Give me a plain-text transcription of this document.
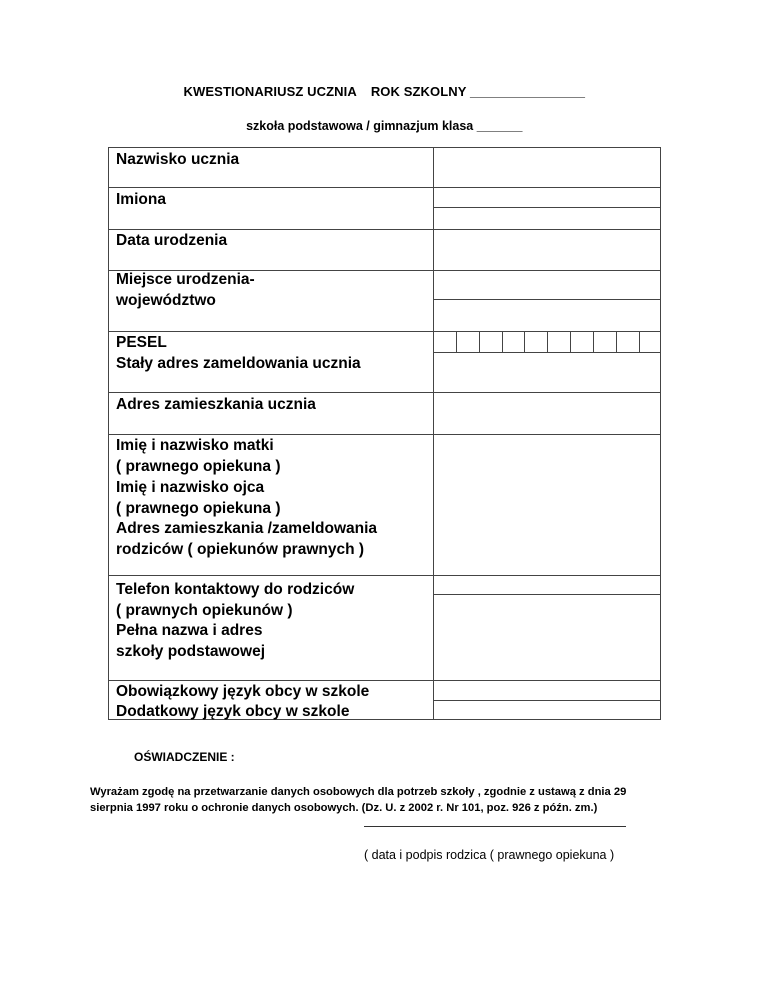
KWESTIONARIUSZ UCZNIA ROK SZKOLNY _________________
szkoła podstawowa / gimnazjum klasa _______
Nazwisko ucznia
Imiona
Data urodzenia
Miejsce urodzenia-
województwo
PESEL
Stały adres zameldowania ucznia
Adres zamieszkania ucznia
Imię i nazwisko matki
( prawnego opiekuna )
Imię i nazwisko ojca
( prawnego opiekuna )
Adres zamieszkania /zameldowania
rodziców ( opiekunów prawnych )
Telefon kontaktowy do rodziców
( prawnych opiekunów )
Pełna nazwa i adres
szkoły podstawowej
Obowiązkowy język obcy w szkole
Dodatkowy język obcy w szkole
OŚWIADCZENIE :
Wyrażam zgodę na przetwarzanie danych osobowych dla potrzeb szkoły , zgodnie z ustawą z dnia 29
sierpnia 1997 roku o ochronie danych osobowych. (Dz. U. z 2002 r. Nr 101, poz. 926 z późn. zm.)
( data i podpis rodzica ( prawnego opiekuna )
